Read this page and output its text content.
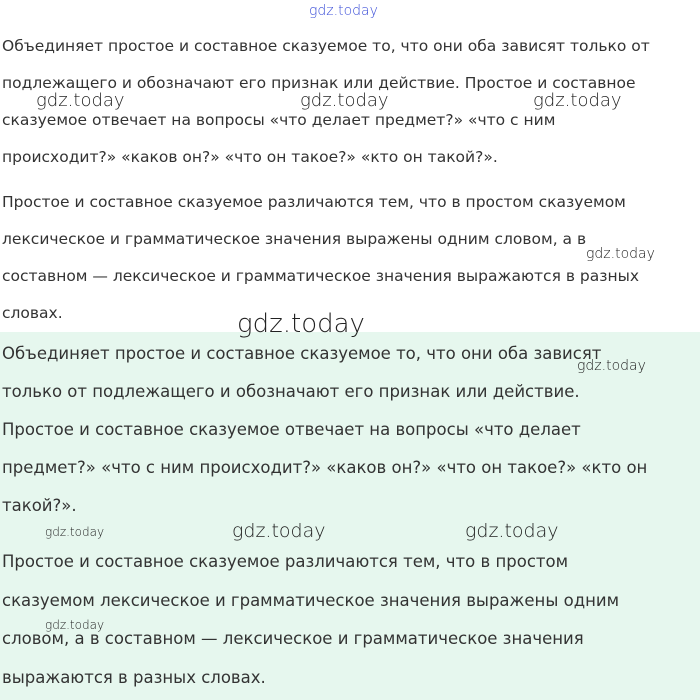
Объединяет простое и составное сказуемое то, что они оба зависят только от
подлежащего и обозначают его признак или действие. Простое и составное
сказуемое отвечает на вопросы «что делает предмет?» «что с ним
происходит?» «каков он?» «что он такое?» «кто он такой?».

Простое и составное сказуемое различаются тем, что в простом сказуемом
лексическое и грамматическое значения выражены одним словом, а в
составном — лексическое и грамматическое значения выражаются в разных
словах.

Объединяет простое и составное сказуемое то, что они оба зависят
только от подлежащего и обозначают его признак или действие.
Простое и составное сказуемое отвечает на вопросы «что делает
предмет?» «что с ним происходит?» «каков он?» «что он такое?» «кто он
такой?».

Простое и составное сказуемое различаются тем, что в простом
сказуемом лексическое и грамматическое значения выражены одним
словом, а в составном — лексическое и грамматическое значения
выражаются в разных словах.

gdz.today
gdz.today	gdz.today	gdz.today
gdz.today
gdz.today
gdz.today
gdz.today	gdz.today	gdz.today
gdz.today
